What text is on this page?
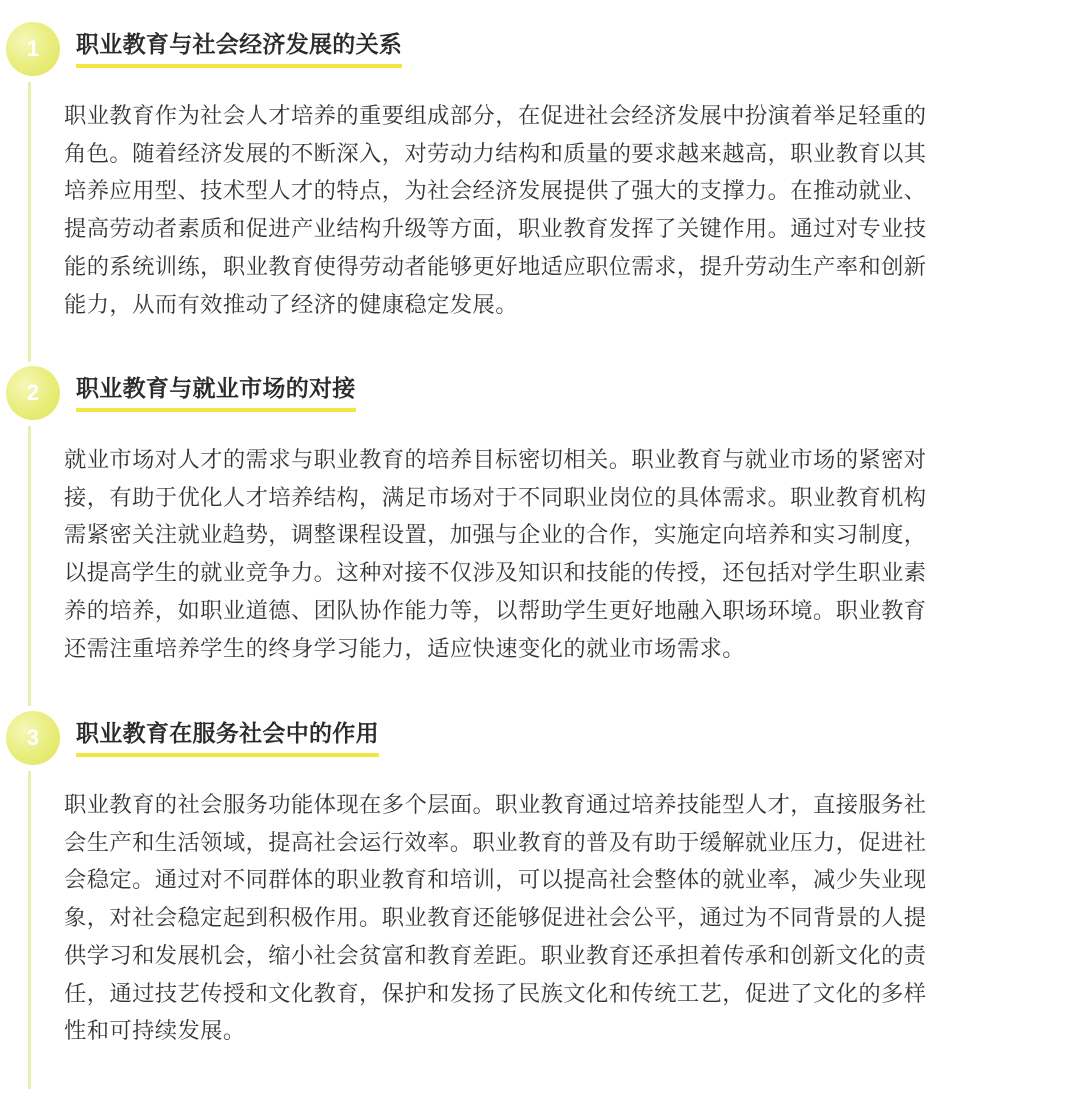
1	职业教育与社会经济发展的关系
职业教育作为社会人才培养的重要组成部分，在促进社会经济发展中扮演着举足轻重的
角色。随着经济发展的不断深入，对劳动力结构和质量的要求越来越高，职业教育以其
培养应用型、技术型人才的特点，为社会经济发展提供了强大的支撑力。在推动就业、
提高劳动者素质和促进产业结构升级等方面，职业教育发挥了关键作用。通过对专业技
能的系统训练，职业教育使得劳动者能够更好地适应职位需求，提升劳动生产率和创新
能力，从而有效推动了经济的健康稳定发展。
2	职业教育与就业市场的对接
就业市场对人才的需求与职业教育的培养目标密切相关。职业教育与就业市场的紧密对
接，有助于优化人才培养结构，满足市场对于不同职业岗位的具体需求。职业教育机构
需紧密关注就业趋势，调整课程设置，加强与企业的合作，实施定向培养和实习制度，
以提高学生的就业竞争力。这种对接不仅涉及知识和技能的传授，还包括对学生职业素
养的培养，如职业道德、团队协作能力等，以帮助学生更好地融入职场环境。职业教育
还需注重培养学生的终身学习能力，适应快速变化的就业市场需求。
3	职业教育在服务社会中的作用
职业教育的社会服务功能体现在多个层面。职业教育通过培养技能型人才，直接服务社
会生产和生活领域，提高社会运行效率。职业教育的普及有助于缓解就业压力，促进社
会稳定。通过对不同群体的职业教育和培训，可以提高社会整体的就业率，减少失业现
象，对社会稳定起到积极作用。职业教育还能够促进社会公平，通过为不同背景的人提
供学习和发展机会，缩小社会贫富和教育差距。职业教育还承担着传承和创新文化的责
任，通过技艺传授和文化教育，保护和发扬了民族文化和传统工艺，促进了文化的多样
性和可持续发展。
